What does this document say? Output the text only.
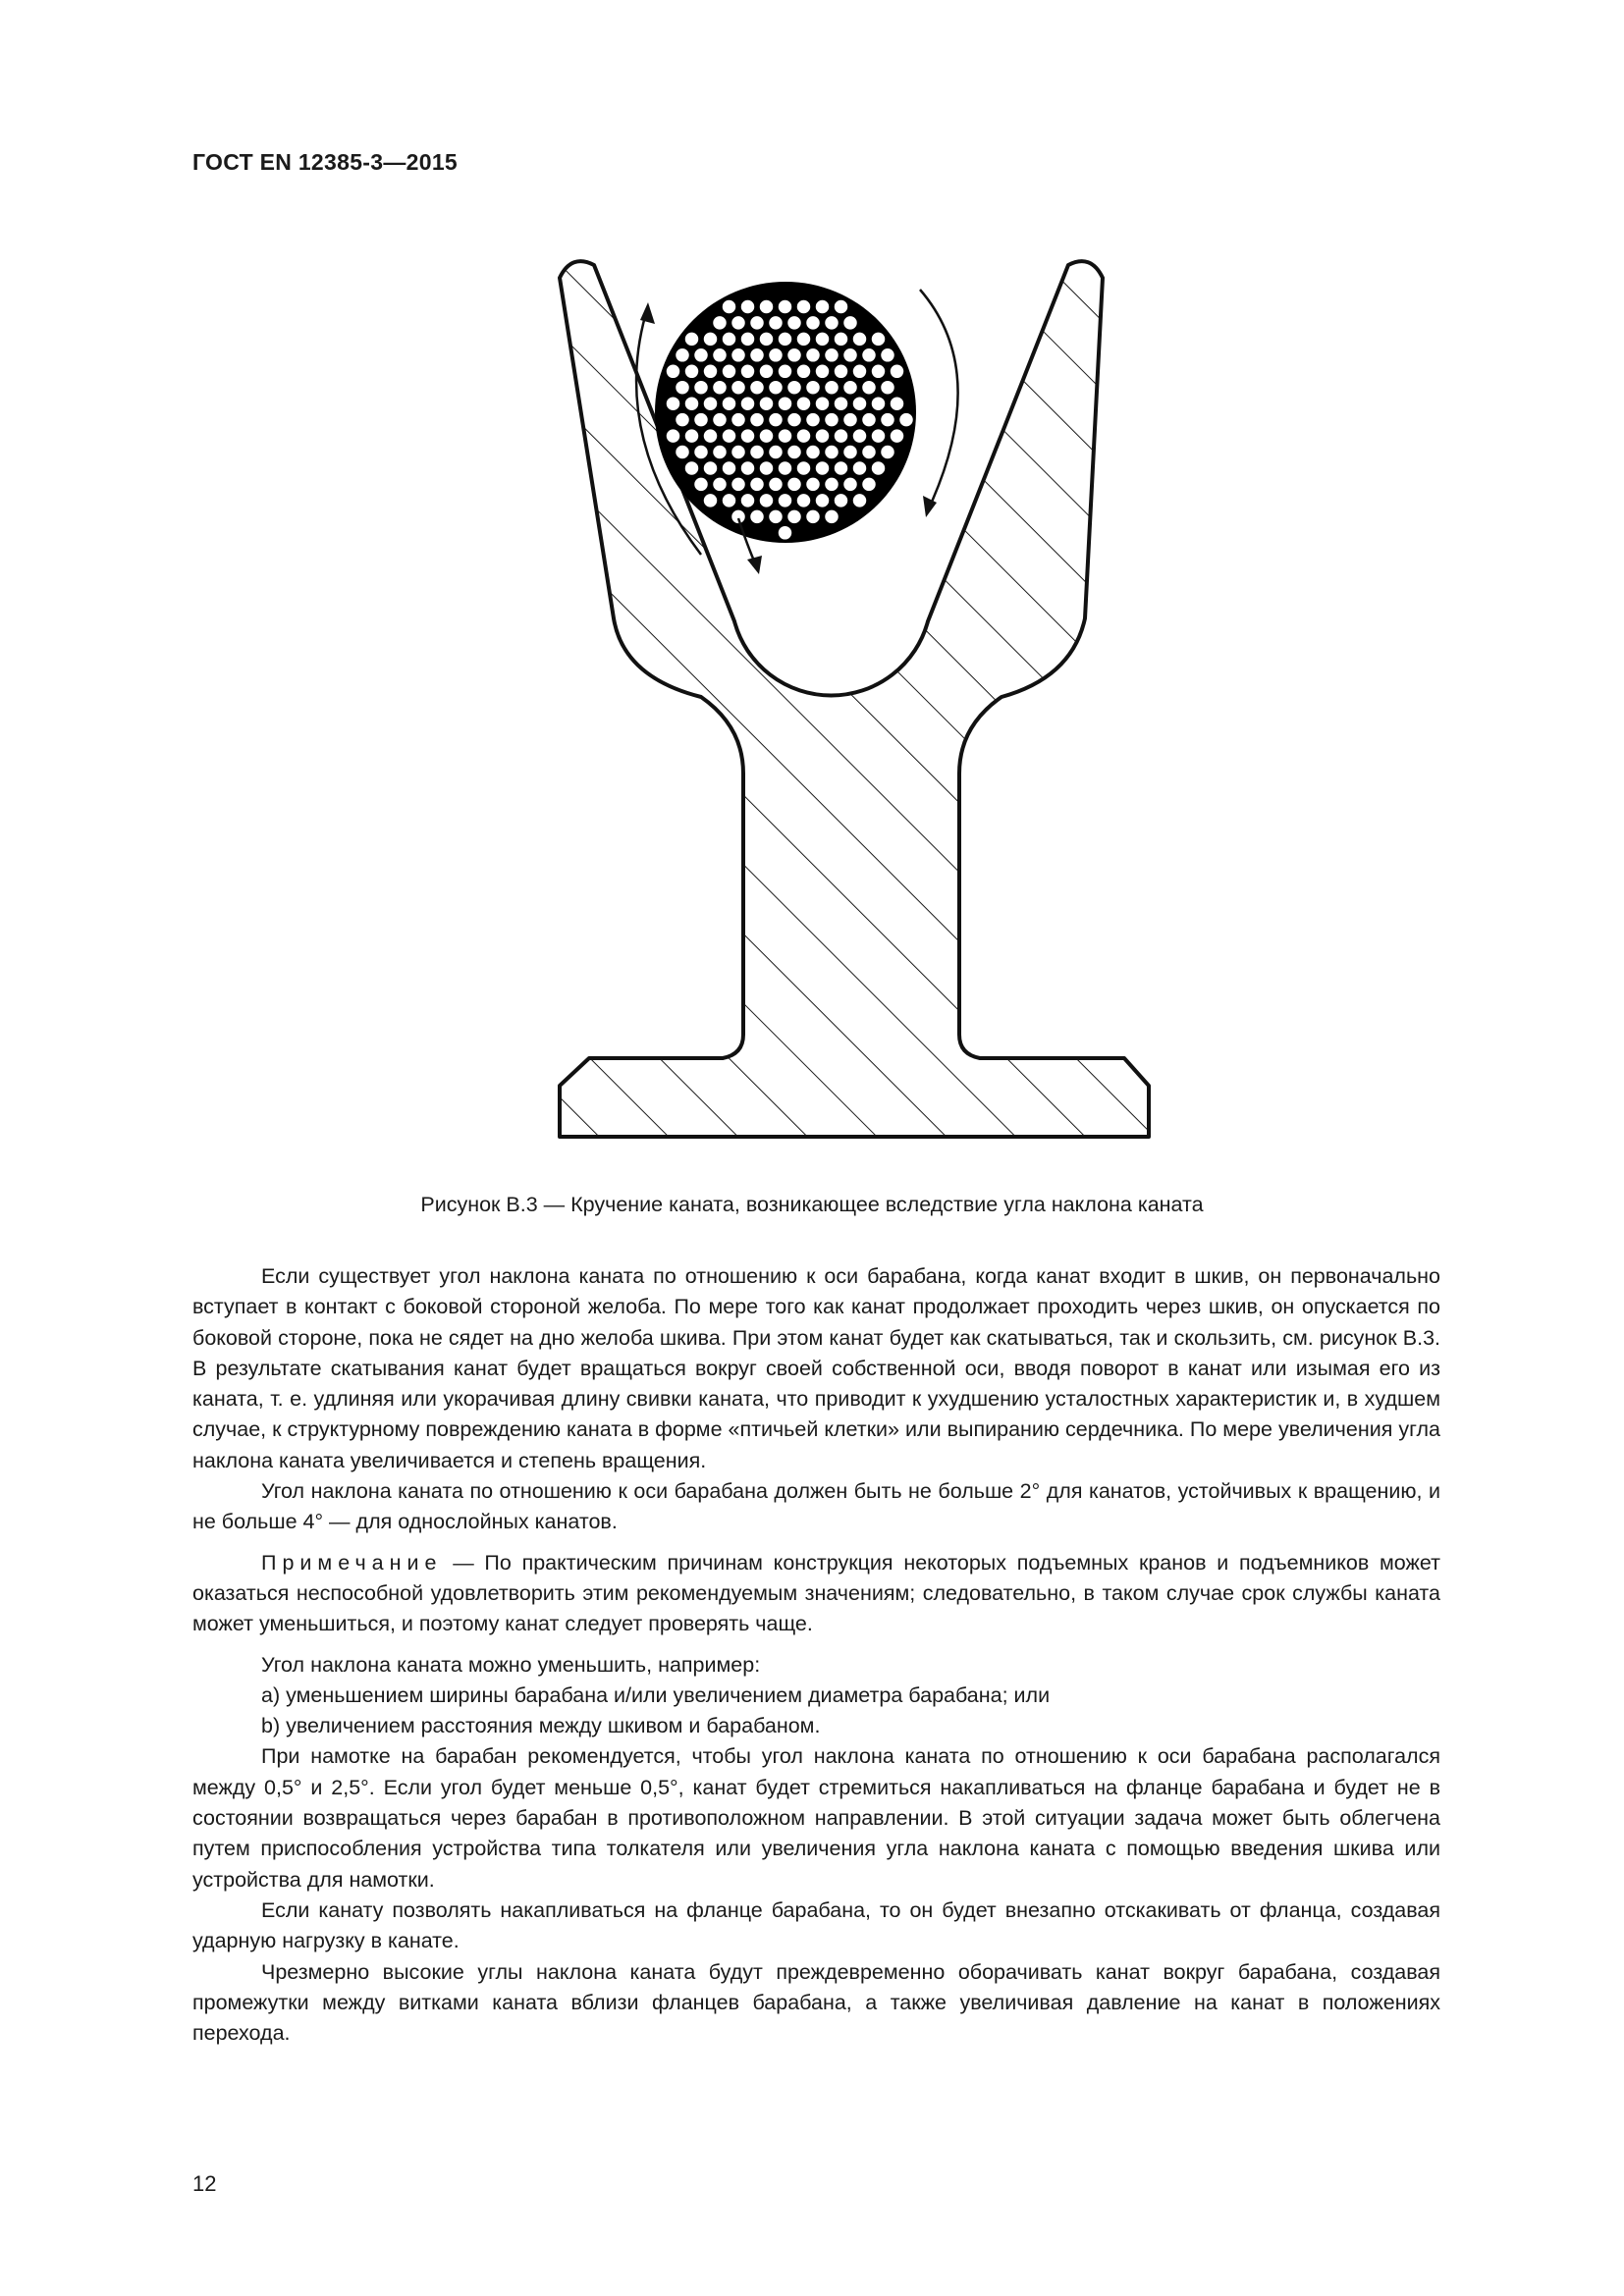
ГОСТ EN 12385-3—2015
Рисунок B.3 — Кручение каната, возникающее вследствие угла наклона каната

Если существует угол наклона каната по отношению к оси барабана, когда канат входит в шкив, он первоначально вступает в контакт с боковой стороной желоба. По мере того как канат продолжает проходить через шкив, он опускается по боковой стороне, пока не сядет на дно желоба шкива. При этом канат будет как скатываться, так и скользить, см. рисунок B.3. В результате скатывания канат будет вращаться вокруг своей собственной оси, вводя поворот в канат или изымая его из каната, т. е. удлиняя или укорачивая длину свивки каната, что приводит к ухудшению усталостных характеристик и, в худшем случае, к структурному повреждению каната в форме «птичьей клетки» или выпиранию сердечника. По мере увеличения угла наклона каната увеличивается и степень вращения.

Угол наклона каната по отношению к оси барабана должен быть не больше 2° для канатов, устойчивых к вращению, и не больше 4° — для однослойных канатов.

Примечание — По практическим причинам конструкция некоторых подъемных кранов и подъемников может оказаться неспособной удовлетворить этим рекомендуемым значениям; следовательно, в таком случае срок службы каната может уменьшиться, и поэтому канат следует проверять чаще.

Угол наклона каната можно уменьшить, например:

a) уменьшением ширины барабана и/или увеличением диаметра барабана; или

b) увеличением расстояния между шкивом и барабаном.

При намотке на барабан рекомендуется, чтобы угол наклона каната по отношению к оси барабана располагался между 0,5° и 2,5°. Если угол будет меньше 0,5°, канат будет стремиться накапливаться на фланце барабана и будет не в состоянии возвращаться через барабан в противоположном направлении. В этой ситуации задача может быть облегчена путем приспособления устройства типа толкателя или увеличения угла наклона каната с помощью введения шкива или устройства для намотки.

Если канату позволять накапливаться на фланце барабана, то он будет внезапно отскакивать от фланца, создавая ударную нагрузку в канате.

Чрезмерно высокие углы наклона каната будут преждевременно оборачивать канат вокруг барабана, создавая промежутки между витками каната вблизи фланцев барабана, а также увеличивая давление на канат в положениях перехода.

12
